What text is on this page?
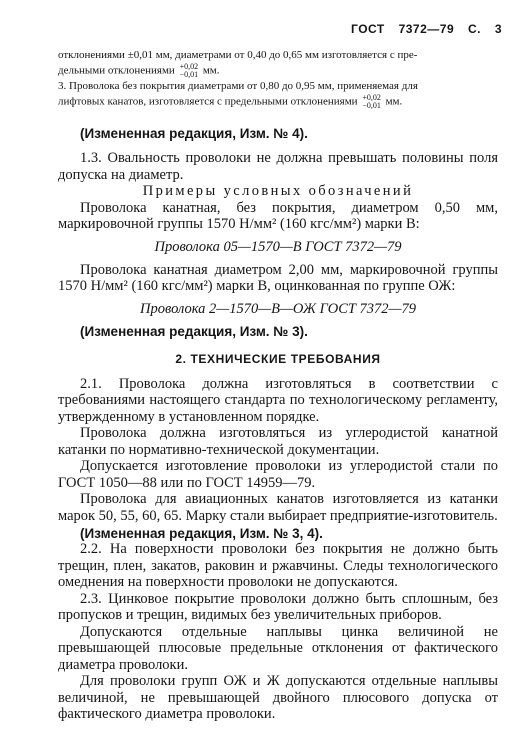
ГОСТ 7372—79 С. 3

отклонениями ±0,01 мм, диаметрами от 0,40 до 0,65 мм изготовляется с пре-

дельными отклонениями +0,02
−0,01 мм.

3. Проволока без покрытия диаметрами от 0,80 до 0,95 мм, применяемая для

лифтовых канатов, изготовляется с предельными отклонениями +0,02
−0,01 мм.

(Измененная редакция, Изм. № 4).

1.3. Овальность проволоки не должна превышать половины поля допуска на диаметр.

Примеры условных обозначений

Проволока канатная, без покрытия, диаметром 0,50 мм, маркировочной группы 1570 Н/мм² (160 кгс/мм²) марки В:

Проволока 05—1570—В ГОСТ 7372—79

Проволока канатная диаметром 2,00 мм, маркировочной группы 1570 Н/мм² (160 кгс/мм²) марки В, оцинкованная по группе ОЖ:

Проволока 2—1570—В—ОЖ ГОСТ 7372—79

(Измененная редакция, Изм. № 3).

2. ТЕХНИЧЕСКИЕ ТРЕБОВАНИЯ

2.1. Проволока должна изготовляться в соответствии с требованиями настоящего стандарта по технологическому регламенту, утвержденному в установленном порядке.

Проволока должна изготовляться из углеродистой канатной катанки по нормативно-технической документации.

Допускается изготовление проволоки из углеродистой стали по ГОСТ 1050—88 или по ГОСТ 14959—79.

Проволока для авиационных канатов изготовляется из катанки марок 50, 55, 60, 65. Марку стали выбирает предприятие-изготовитель.

(Измененная редакция, Изм. № 3, 4).

2.2. На поверхности проволоки без покрытия не должно быть трещин, плен, закатов, раковин и ржавчины. Следы технологического омеднения на поверхности проволоки не допускаются.

2.3. Цинковое покрытие проволоки должно быть сплошным, без пропусков и трещин, видимых без увеличительных приборов.

Допускаются отдельные наплывы цинка величиной не превышающей плюсовые предельные отклонения от фактического диаметра проволоки.

Для проволоки групп ОЖ и Ж допускаются отдельные наплывы величиной, не превышающей двойного плюсового допуска от фактического диаметра проволоки.
